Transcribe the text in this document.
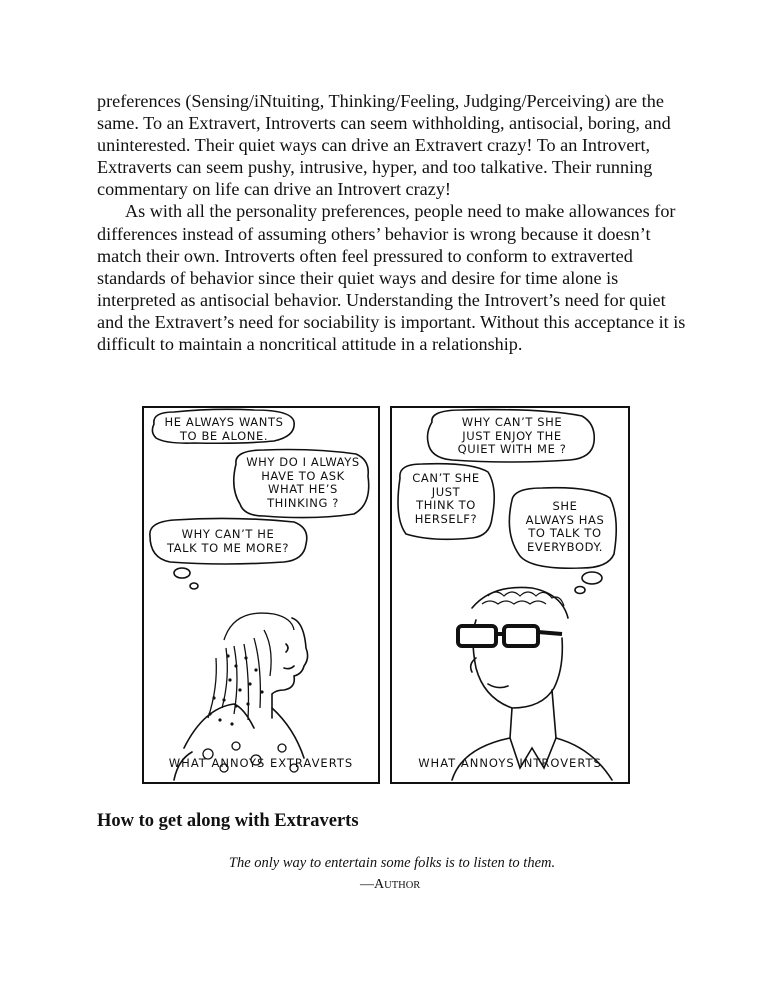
preferences (Sensing/iNtuiting, Thinking/Feeling, Judging/Perceiving) are the same. To an Extravert, Introverts can seem withholding, antisocial, boring, and uninterested. Their quiet ways can drive an Extravert crazy! To an Introvert, Extraverts can seem pushy, intrusive, hyper, and too talkative. Their running commentary on life can drive an Introvert crazy!

As with all the personality preferences, people need to make allowances for differences instead of assuming others’ behavior is wrong because it doesn’t match their own. Introverts often feel pressured to conform to extraverted standards of behavior since their quiet ways and desire for time alone is interpreted as antisocial behavior. Understanding the Introvert’s need for quiet and the Extravert’s need for sociability is important. Without this acceptance it is difficult to maintain a noncritical attitude in a relationship.

HE ALWAYS WANTS
TO BE ALONE.
WHY DO I ALWAYS
HAVE TO ASK
WHAT HE’S
THINKING ?
WHY CAN’T HE
TALK TO ME MORE?
WHAT ANNOYS EXTRAVERTS
WHY CAN’T SHE
JUST ENJOY THE
QUIET WITH ME ?
CAN’T SHE
JUST
THINK TO
HERSELF?
SHE
ALWAYS HAS
TO TALK TO
EVERYBODY.
WHAT ANNOYS INTROVERTS
How to get along with Extraverts
The only way to entertain some folks is to listen to them.
—AUTHOR
